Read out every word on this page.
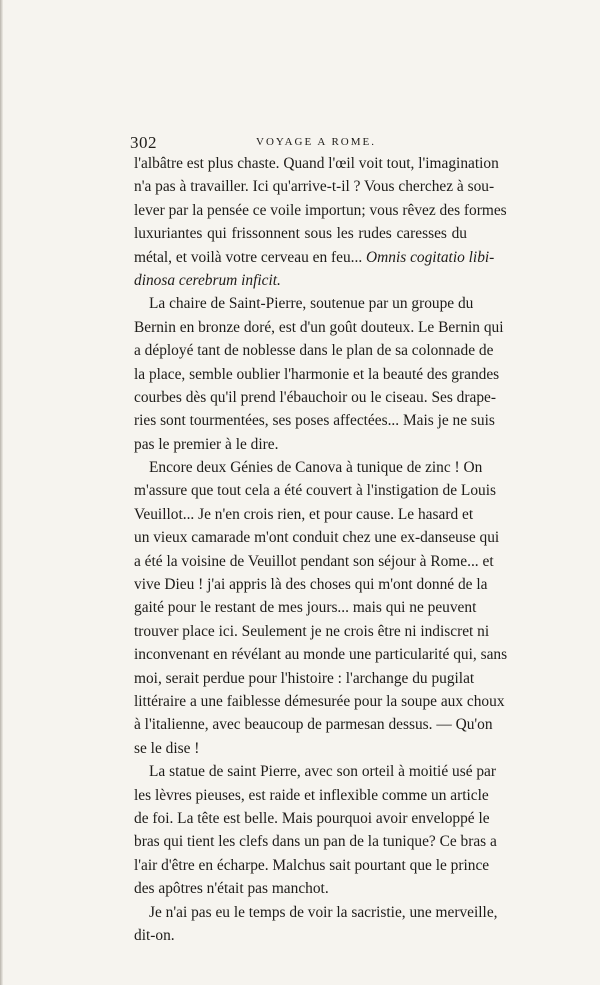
302	VOYAGE A ROME.
l'albâtre est plus chaste. Quand l'œil voit tout, l'imagination
n'a pas à travailler. Ici qu'arrive-t-il ? Vous cherchez à sou-
lever par la pensée ce voile importun; vous rêvez des formes
luxuriantes qui frissonnent sous les rudes caresses du
métal, et voilà votre cerveau en feu... Omnis cogitatio libi-
dinosa cerebrum inficit.
La chaire de Saint-Pierre, soutenue par un groupe du
Bernin en bronze doré, est d'un goût douteux. Le Bernin qui
a déployé tant de noblesse dans le plan de sa colonnade de
la place, semble oublier l'harmonie et la beauté des grandes
courbes dès qu'il prend l'ébauchoir ou le ciseau. Ses drape-
ries sont tourmentées, ses poses affectées... Mais je ne suis
pas le premier à le dire.
Encore deux Génies de Canova à tunique de zinc ! On
m'assure que tout cela a été couvert à l'instigation de Louis
Veuillot... Je n'en crois rien, et pour cause. Le hasard et
un vieux camarade m'ont conduit chez une ex-danseuse qui
a été la voisine de Veuillot pendant son séjour à Rome... et
vive Dieu ! j'ai appris là des choses qui m'ont donné de la
gaité pour le restant de mes jours... mais qui ne peuvent
trouver place ici. Seulement je ne crois être ni indiscret ni
inconvenant en révélant au monde une particularité qui, sans
moi, serait perdue pour l'histoire : l'archange du pugilat
littéraire a une faiblesse démesurée pour la soupe aux choux
à l'italienne, avec beaucoup de parmesan dessus. — Qu'on
se le dise !
La statue de saint Pierre, avec son orteil à moitié usé par
les lèvres pieuses, est raide et inflexible comme un article
de foi. La tête est belle. Mais pourquoi avoir enveloppé le
bras qui tient les clefs dans un pan de la tunique? Ce bras a
l'air d'être en écharpe. Malchus sait pourtant que le prince
des apôtres n'était pas manchot.
Je n'ai pas eu le temps de voir la sacristie, une merveille,
dit-on.
